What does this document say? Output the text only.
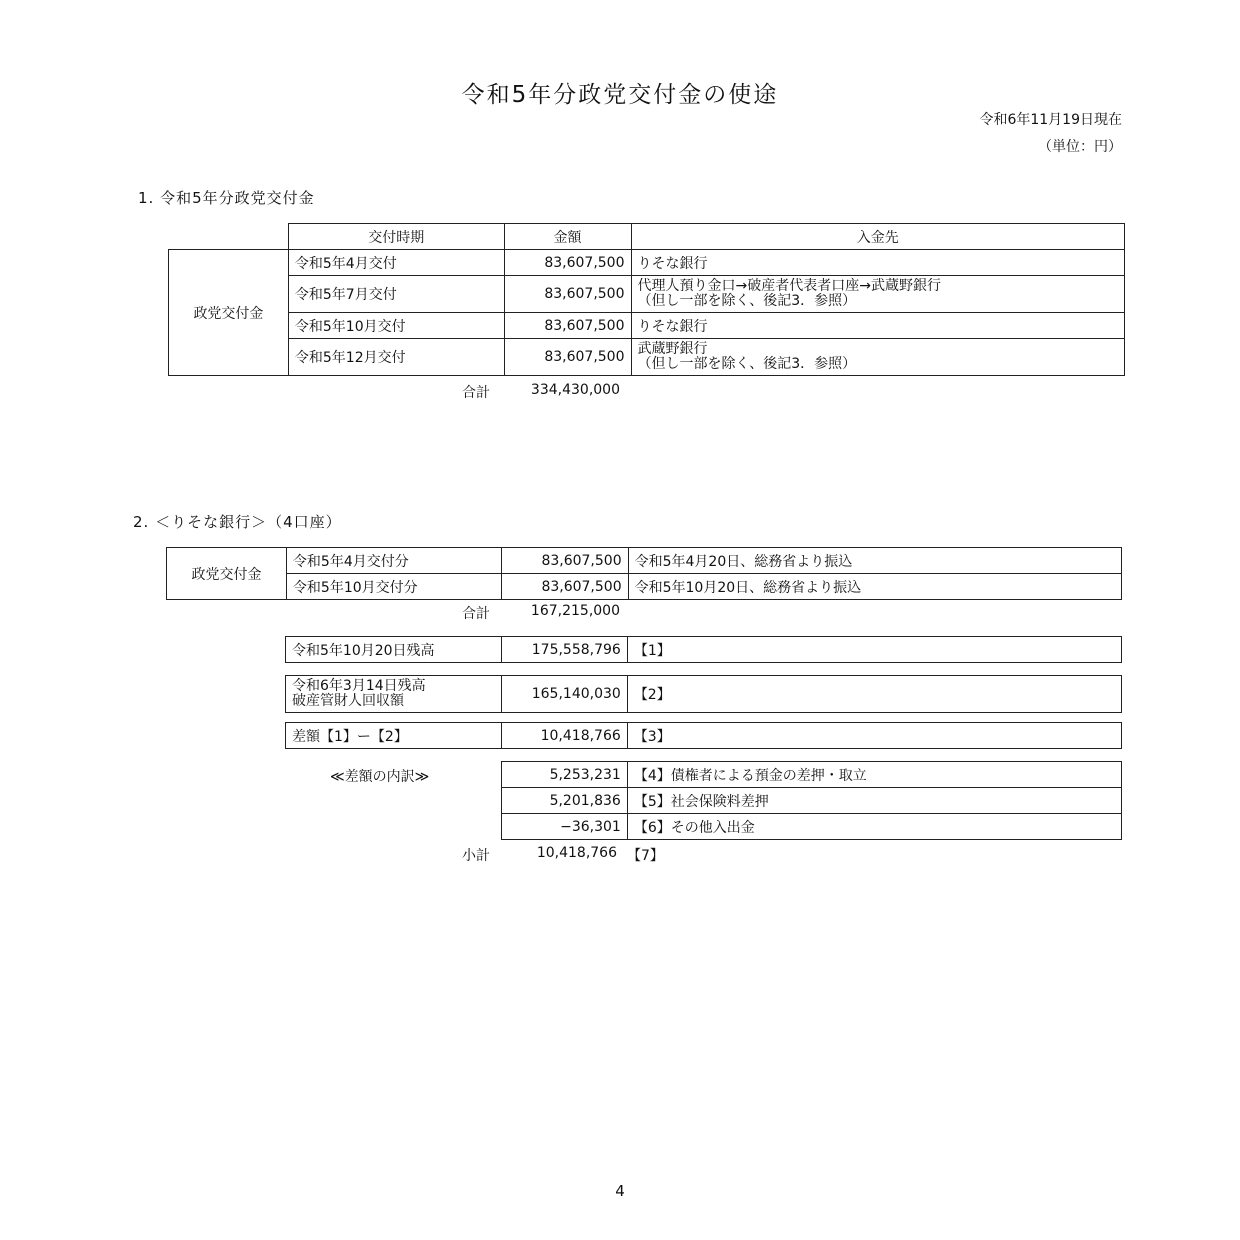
令和5年分政党交付金の使途
令和6年11月19日現在
（単位：円）
1. 令和5年分政党交付金
	交付時期	金額	入金先
政党交付金	令和5年4月交付	83,607,500	りそな銀行
	令和5年7月交付	83,607,500	代理人預り金口→破産者代表者口座→武蔵野銀行
（但し一部を除く、後記3．参照）

	令和5年10月交付	83,607,500	りそな銀行
	令和5年12月交付	83,607,500	武蔵野銀行
（但し一部を除く、後記3．参照）
合計	334,430,000
2. ＜りそな銀行＞（4口座）
政党交付金	令和5年4月交付分	83,607,500	令和5年4月20日、総務省より振込
	令和5年10月交付分	83,607,500	令和5年10月20日、総務省より振込
合計	167,215,000
令和5年10月20日残高	175,558,796	【1】
令和6年3月14日残高
破産管財人回収額	165,140,030	【2】
差額【1】ー【2】	10,418,766	【3】
≪差額の内訳≫	5,253,231	【4】債権者による預金の差押・取立
5,201,836	【5】社会保険料差押
−36,301	【6】その他入出金
小計	10,418,766 【7】
4
